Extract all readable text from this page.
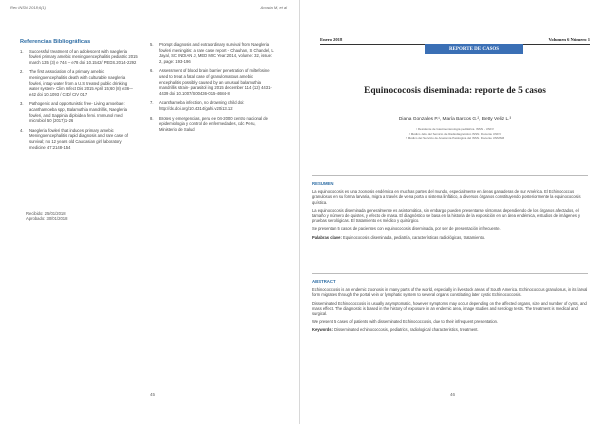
Rev INSN 2018;6(1)	Acosta M, et al
Referencias Bibliográficas
1.	Successful treatment of an adolescent with naegleria fowleri primary amebic meningoencephalitis pediatric 2015 march 135 (3) e 744 – e78 doi 10.1542/ PEDS.2014-2292
2.	The first association of a primary amebic meningoencephalitis death with culturable naegleria fowleri, intap water from a U.S treated public drinking water system- Clim Infect Dis 2015 April 15;60 (8) e36-–e42 doi 10.1093 / CID/ CIV 017
3.	Pathogenic and opportunistic free- Living amoebae: acanthamoeba spp, Balamuthia mandrillis, Naegleria fowleri, and Sappinia diploidea femi. Immunol med microbiol 50 (2017)1-26
4.	Naegleria fowleri that induces primary amebic Meningoencephalitis rapid diagnosis and rare case of survival; no 12 years old Caucasian girl laboratory medicine 47:2148-154
5.	Prompt diagnosis and extraordinary survival from Naegleria fowleri meningitis: a rare case report - Chauhan, S Chandel, L Jayal, SC INDIAN J, MED MIC Year:2014, volume: 32, issue: 2, page: 193-196
6.	Assessment of blood brain barrier penetration of miltefosine used to treat a fatal case of granulomatous amebic encephalitis possibly caused by an unusual balamuthia mandrillis strain- parasitol ing 2015 december 114 (12) 4431-4439 doi 10.1007/S00436-015-4684-8
7.	Acanthameba infection, no drowning child doi: http://dx.doi.org/10.4314/gahi.v20i13.12
8.	Brotes y emergencias, peru ee 04-2000 centro nacional de epidemiologia y control de enfermedades, cdc Peru, Ministerio de Salud
Recibido: 25/01/2018
Aprobado: 30/01/2018
45
Enero 2018	Volumen 6 Número 1
REPORTE DE CASOS
Equinococosis diseminada: reporte de 5 casos
Diana Gonzales P.¹, María Barcos G.², Betty Veliz L.³
¹ Residente de Gastroenterología pediátrica. INSN - UNFV
² Médico Jefe del Servicio de Radiodiagnóstico INSN. Docente UNFV
³ Médico del Servicio de Anatomía Patológica del INSN. Docente UNMSM
RESUMEN

La equinococosis es una zoonosis endémica en muchas partes del mundo, especialmente en áreas ganaderas de sur América. El Echinococcus granulosus en su forma larvaria, migra a través de vena porta o sistema linfático, a diversos órganos constituyendo posteriormente la equinococosis quística.

La equinococosis diseminada generalmente es asintomática, sin embargo pueden presentarse síntomas dependiendo de los órganos afectados, el tamaño y número de quistes, y efecto de masa. El diagnóstico se basa en la historia de la exposición en un área endémica, estudios de imágenes y pruebas serológicas. El tratamiento es médico y quirúrgico.

Se presentan 5 casos de pacientes con equinococosis diseminada, por ser de presentación infrecuente.

Palabras clave: Equinococosis diseminada, pediatría, características radiológicas, tratamiento.

ABSTRACT

Echinococcosis is an endemic zoonosis in many parts of the world, especially in livestock areas of South America. Echinococcus granulosus, in its larval form migrates through the portal vein or lymphatic system to several organs constituting later cystic Echinococcosis.

Disseminated Echinococcosis is usually asymptomatic, however symptoms may occur depending on the affected organs, size and number of cysts, and mass effect. The diagnostic is based in the history of exposure in an endemic area, image studies and serology tests. The treatment is medical and surgical.

We present 5 cases of patients with disseminated Echinococcosis, due to their infrequent presentation.

Keywords: Disseminated echinococcosis, pediatrics, radiological characteristics, treatment.

46
